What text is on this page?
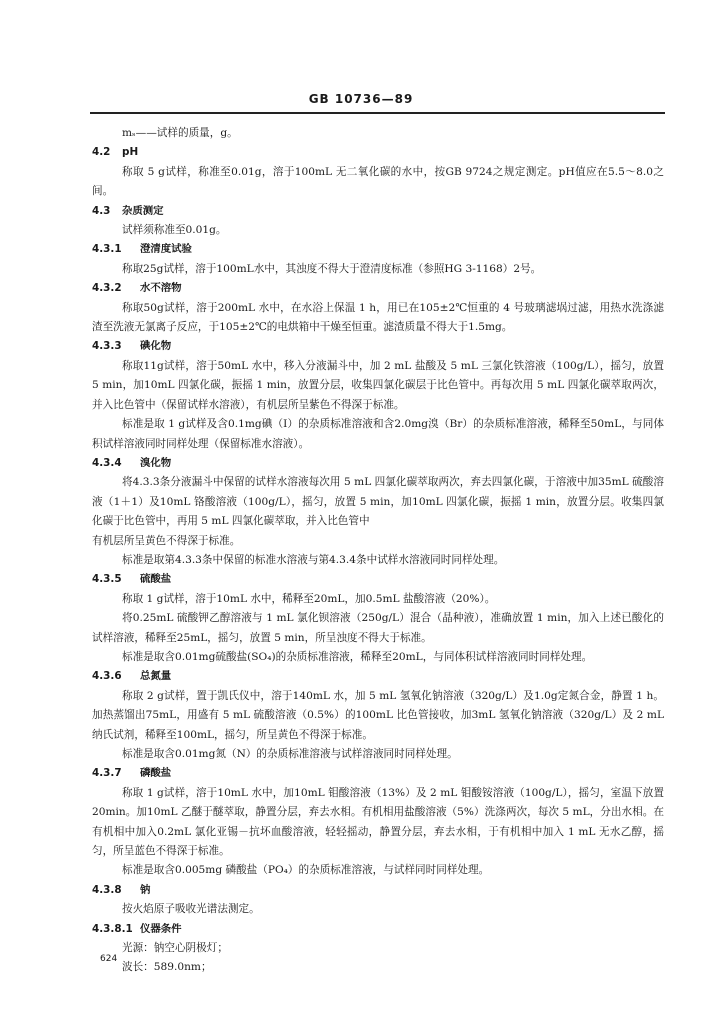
GB 10736—89

mₛ——试样的质量，g。

4.2 pH

称取 5 g试样，称准至0.01g，溶于100mL 无二氧化碳的水中，按GB 9724之规定测定。pH值应在5.5～8.0之间。

4.3 杂质测定

试样须称准至0.01g。

4.3.1 澄清度试验

称取25g试样，溶于100mL水中，其浊度不得大于澄清度标准（参照HG 3-1168）2号。

4.3.2 水不溶物

称取50g试样，溶于200mL 水中，在水浴上保温 1 h，用已在105±2℃恒重的 4 号玻璃滤埚过滤，用热水洗涤滤渣至洗液无氯离子反应，于105±2℃的电烘箱中干燥至恒重。滤渣质量不得大于1.5mg。

4.3.3 碘化物

称取11g试样，溶于50mL 水中，移入分液漏斗中，加 2 mL 盐酸及 5 mL 三氯化铁溶液（100g/L），摇匀，放置 5 min，加10mL 四氯化碳，振摇 1 min，放置分层，收集四氯化碳层于比色管中。再每次用 5 mL 四氯化碳萃取两次，并入比色管中（保留试样水溶液），有机层所呈紫色不得深于标准。

标准是取 1 g试样及含0.1mg碘（I）的杂质标准溶液和含2.0mg溴（Br）的杂质标准溶液，稀释至50mL，与同体积试样溶液同时同样处理（保留标准水溶液）。

4.3.4 溴化物

将4.3.3条分液漏斗中保留的试样水溶液每次用 5 mL 四氯化碳萃取两次，弃去四氯化碳，于溶液中加35mL 硫酸溶液（1＋1）及10mL 铬酸溶液（100g/L），摇匀，放置 5 min，加10mL 四氯化碳，振摇 1 min，放置分层。收集四氯化碳于比色管中，再用 5 mL 四氯化碳萃取，并入比色管中

有机层所呈黄色不得深于标准。

标准是取第4.3.3条中保留的标准水溶液与第4.3.4条中试样水溶液同时同样处理。

4.3.5 硫酸盐

称取 1 g试样，溶于10mL 水中，稀释至20mL，加0.5mL 盐酸溶液（20%）。

将0.25mL 硫酸钾乙醇溶液与 1 mL 氯化钡溶液（250g/L）混合（晶种液），准确放置 1 min，加入上述已酸化的试样溶液，稀释至25mL，摇匀，放置 5 min，所呈浊度不得大于标准。

标准是取含0.01mg硫酸盐(SO₄)的杂质标准溶液，稀释至20mL，与同体积试样溶液同时同样处理。

4.3.6 总氮量

称取 2 g试样，置于凯氏仪中，溶于140mL 水，加 5 mL 氢氧化钠溶液（320g/L）及1.0g定氮合金，静置 1 h。加热蒸馏出75mL，用盛有 5 mL 硫酸溶液（0.5%）的100mL 比色管接收，加3mL 氢氧化钠溶液（320g/L）及 2 mL 纳氏试剂，稀释至100mL，摇匀，所呈黄色不得深于标准。

标准是取含0.01mg氮（N）的杂质标准溶液与试样溶液同时同样处理。

4.3.7 磷酸盐

称取 1 g试样，溶于10mL 水中，加10mL 钼酸溶液（13%）及 2 mL 钼酸铵溶液（100g/L），摇匀，室温下放置20min。加10mL 乙醚于醚萃取，静置分层，弃去水相。有机相用盐酸溶液（5%）洗涤两次，每次 5 mL，分出水相。在有机相中加入0.2mL 氯化亚锡－抗坏血酸溶液，轻轻摇动，静置分层，弃去水相，于有机相中加入 1 mL 无水乙醇，摇匀，所呈蓝色不得深于标准。

标准是取含0.005mg 磷酸盐（PO₄）的杂质标准溶液，与试样同时同样处理。

4.3.8 钠

按火焰原子吸收光谱法测定。

4.3.8.1 仪器条件

光源：钠空心阴极灯；

波长：589.0nm；

624
